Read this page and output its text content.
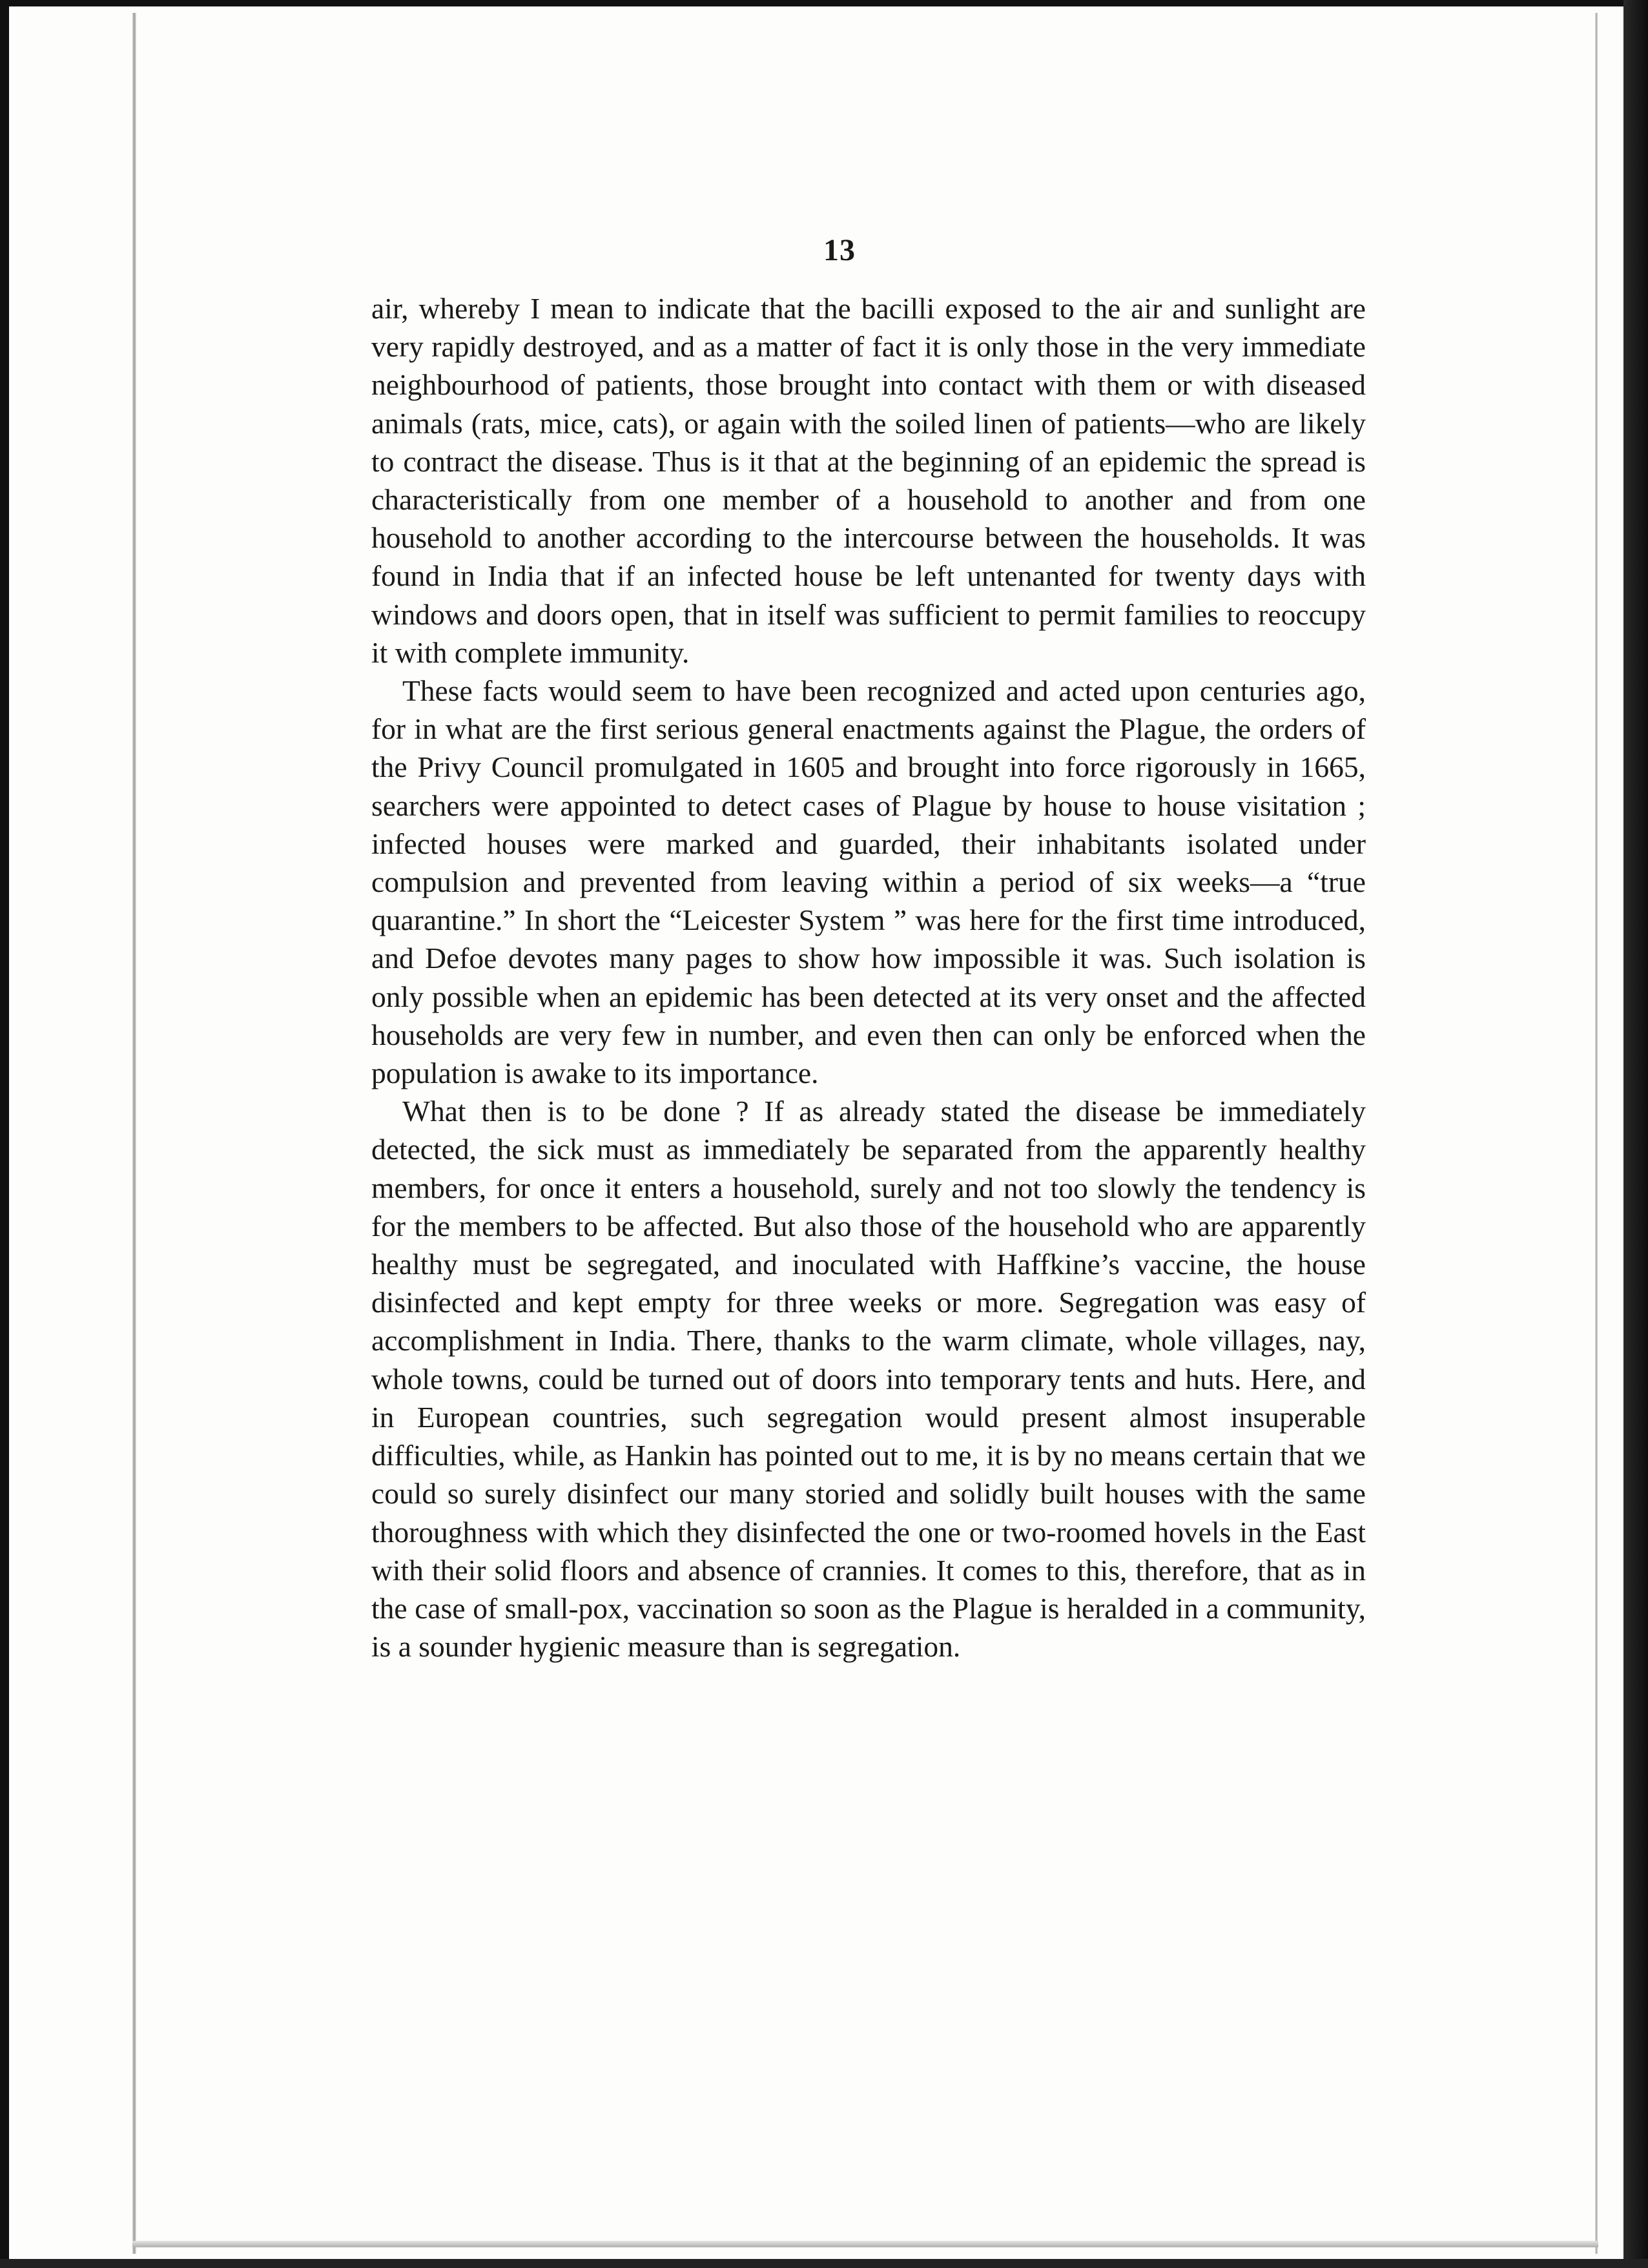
13

air, whereby I mean to indicate that the bacilli exposed to the air and sunlight are very rapidly destroyed, and as a matter of fact it is only those in the very immediate neighbourhood of patients, those brought into contact with them or with diseased animals (rats, mice, cats), or again with the soiled linen of patients—who are likely to contract the disease. Thus is it that at the beginning of an epidemic the spread is characteristically from one member of a household to another and from one household to another according to the intercourse between the households. It was found in India that if an infected house be left untenanted for twenty days with windows and doors open, that in itself was sufficient to permit families to reoccupy it with complete immunity.

These facts would seem to have been recognized and acted upon centuries ago, for in what are the first serious general enactments against the Plague, the orders of the Privy Council promulgated in 1605 and brought into force rigorously in 1665, searchers were appointed to detect cases of Plague by house to house visitation ; infected houses were marked and guarded, their inhabitants isolated under compulsion and prevented from leaving within a period of six weeks—a “true quarantine.” In short the “Leicester System ” was here for the first time introduced, and Defoe devotes many pages to show how impossible it was. Such isolation is only possible when an epidemic has been detected at its very onset and the affected households are very few in number, and even then can only be enforced when the population is awake to its importance.

What then is to be done ? If as already stated the disease be immediately detected, the sick must as immediately be separated from the apparently healthy members, for once it enters a household, surely and not too slowly the tendency is for the members to be affected. But also those of the household who are apparently healthy must be segregated, and inoculated with Haffkine’s vaccine, the house disinfected and kept empty for three weeks or more. Segregation was easy of accomplishment in India. There, thanks to the warm climate, whole villages, nay, whole towns, could be turned out of doors into temporary tents and huts. Here, and in European countries, such segregation would present almost insuperable difficulties, while, as Hankin has pointed out to me, it is by no means certain that we could so surely disinfect our many storied and solidly built houses with the same thoroughness with which they disinfected the one or two-roomed hovels in the East with their solid floors and absence of crannies. It comes to this, therefore, that as in the case of small-pox, vaccination so soon as the Plague is heralded in a community, is a sounder hygienic measure than is segregation.
